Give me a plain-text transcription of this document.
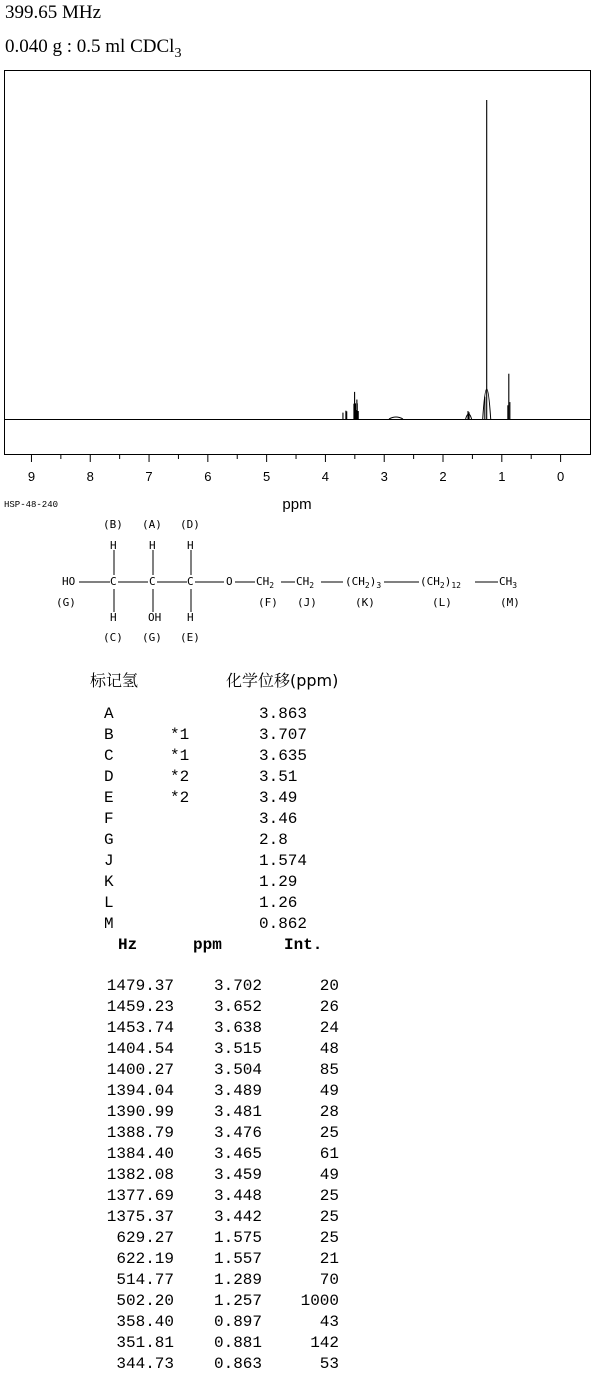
399.65 MHz
0.040 g : 0.5 ml CDCl$_3$
9	8	7	6	5	4	3	2	1	0
ppm
HSP-48-240
(B) (A) (D)
H	H	H
HO	C	C	C	O $CH_2$ $CH_2$	$(CH_2)_3$	$(CH_2)_{12}$	$CH_3$
(G)	(F) (J)	(K)	(L)	(M)
H	OH H
(C) (G) (E)
标记氢	化学位移(ppm)
A	3.863
B	*1	3.707
C	*1	3.635
D	*2	3.51
E	*2	3.49
F	3.46
G	2.8
J	1.574
K	1.29
L	1.26
M	0.862
Hz	ppm	Int.
1479.37	3.702	20
1459.23	3.652	26
1453.74	3.638	24
1404.54	3.515	48
1400.27	3.504	85
1394.04	3.489	49
1390.99	3.481	28
1388.79	3.476	25
1384.40	3.465	61
1382.08	3.459	49
1377.69	3.448	25
1375.37	3.442	25
629.27	1.575	25
622.19	1.557	21
514.77	1.289	70
502.20	1.257	1000
358.40	0.897	43
351.81	0.881	142
344.73	0.863	53
